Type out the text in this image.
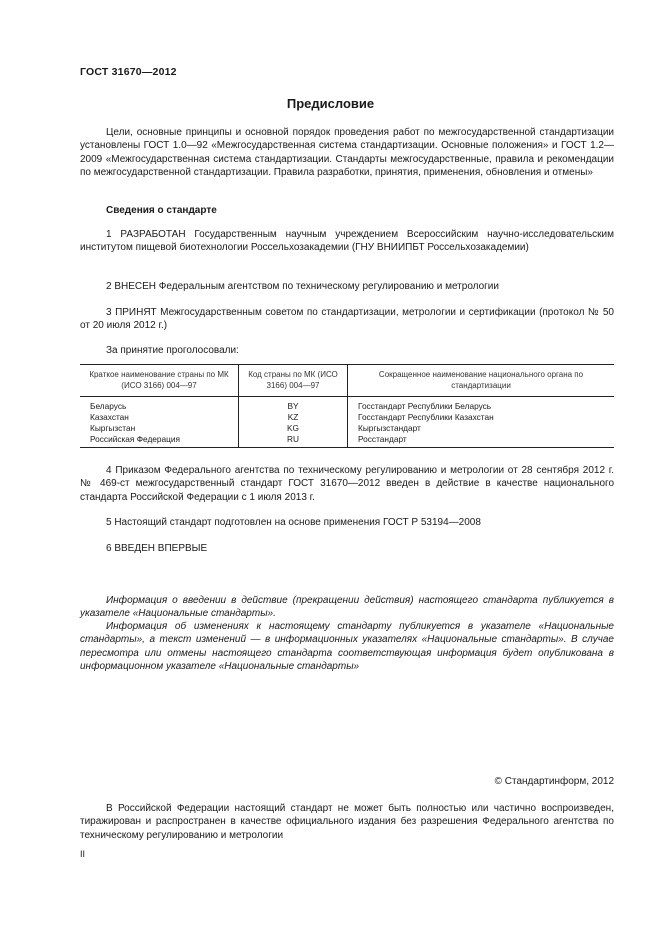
ГОСТ 31670—2012
Предисловие
Цели, основные принципы и основной порядок проведения работ по межгосударственной стандартизации установлены ГОСТ 1.0—92 «Межгосударственная система стандартизации. Основные положения» и ГОСТ 1.2—2009 «Межгосударственная система стандартизации. Стандарты межгосударственные, правила и рекомендации по межгосударственной стандартизации. Правила разработки, принятия, применения, обновления и отмены»
Сведения о стандарте
1 РАЗРАБОТАН Государственным научным учреждением Всероссийским научно-исследовательским институтом пищевой биотехнологии Россельхозакадемии (ГНУ ВНИИПБТ Россельхозакадемии)
2 ВНЕСЕН Федеральным агентством по техническому регулированию и метрологии
3 ПРИНЯТ Межгосударственным советом по стандартизации, метрологии и сертификации (протокол № 50 от 20 июля 2012 г.)
За принятие проголосовали:
Краткое наименование страны по МК (ИСО 3166) 004—97	Код страны по МК (ИСО 3166) 004—97	Сокращенное наименование национального органа по стандартизации
Беларусь	BY	Госстандарт Республики Беларусь
Казахстан	KZ	Госстандарт Республики Казахстан
Кыргызстан	KG	Кыргызстандарт
Российская Федерация	RU	Росстандарт
4 Приказом Федерального агентства по техническому регулированию и метрологии от 28 сентября 2012 г. № 469-ст межгосударственный стандарт ГОСТ 31670—2012 введен в действие в качестве национального стандарта Российской Федерации с 1 июля 2013 г.
5 Настоящий стандарт подготовлен на основе применения ГОСТ Р 53194—2008
6 ВВЕДЕН ВПЕРВЫЕ
Информация о введении в действие (прекращении действия) настоящего стандарта публикуется в указателе «Национальные стандарты».
Информация об изменениях к настоящему стандарту публикуется в указателе «Национальные стандарты», а текст изменений — в информационных указателях «Национальные стандарты». В случае пересмотра или отмены настоящего стандарта соответствующая информация будет опубликована в информационном указателе «Национальные стандарты»
© Стандартинформ, 2012
В Российской Федерации настоящий стандарт не может быть полностью или частично воспроизведен, тиражирован и распространен в качестве официального издания без разрешения Федерального агентства по техническому регулированию и метрологии
II
